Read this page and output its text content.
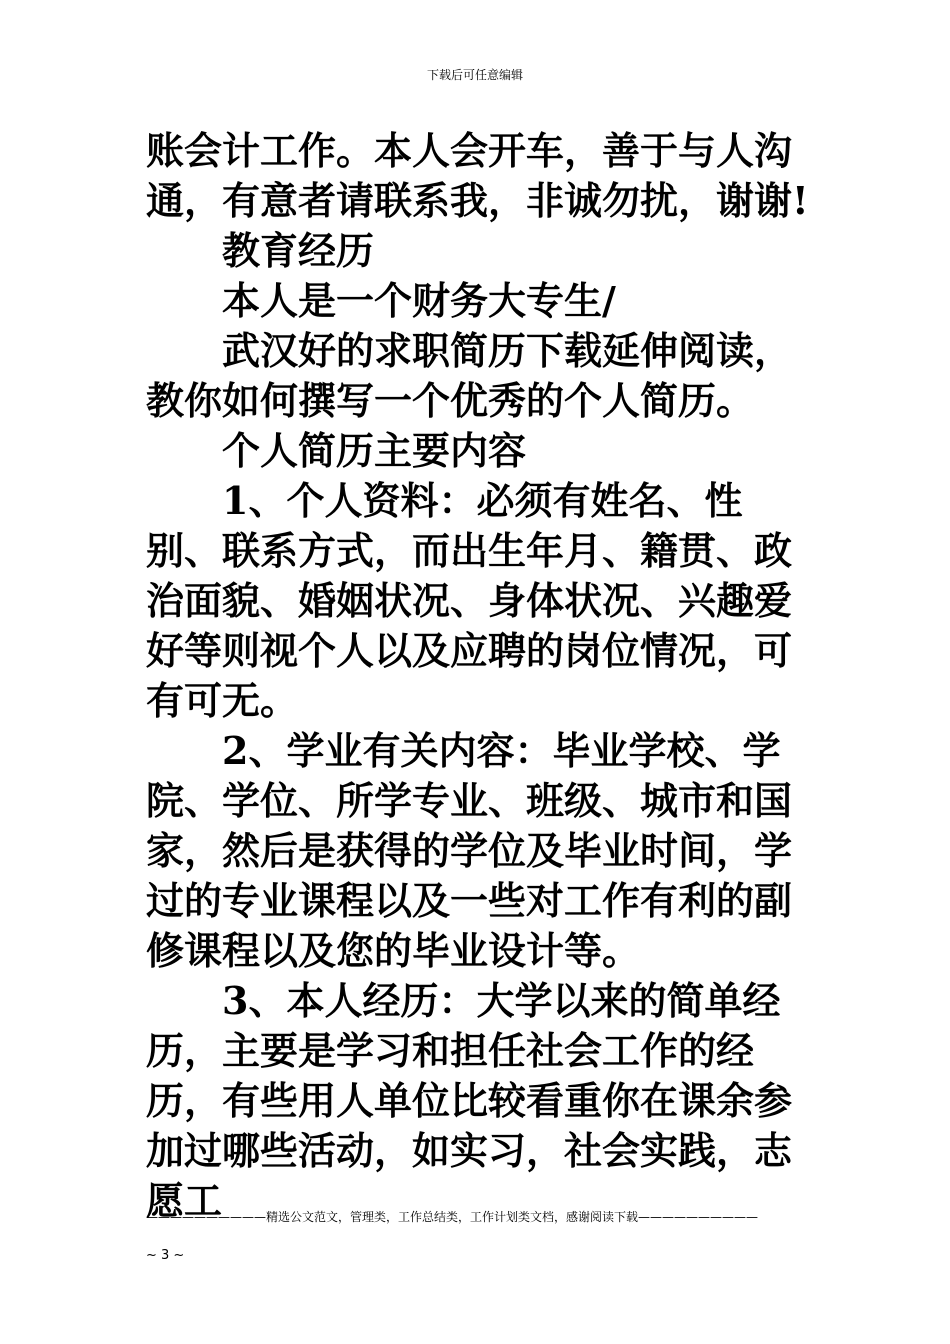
下载后可任意编辑

账会计工作。本人会开车，善于与人沟通，有意者请联系我，非诚勿扰，谢谢!

教育经历

本人是一个财务大专生/

武汉好的求职简历下载延伸阅读，教你如何撰写一个优秀的个人简历。

个人简历主要内容

1、个人资料：必须有姓名、性别、联系方式，而出生年月、籍贯、政治面貌、婚姻状况、身体状况、兴趣爱好等则视个人以及应聘的岗位情况，可有可无。

2、学业有关内容：毕业学校、学院、学位、所学专业、班级、城市和国家，然后是获得的学位及毕业时间，学过的专业课程以及一些对工作有利的副修课程以及您的毕业设计等。

3、本人经历：大学以来的简单经历，主要是学习和担任社会工作的经历，有些用人单位比较看重你在课余参加过哪些活动，如实习，社会实践，志愿工

——————————精选公文范文，管理类，工作总结类，工作计划类文档，感谢阅读下载——————————
~ 3 ~
